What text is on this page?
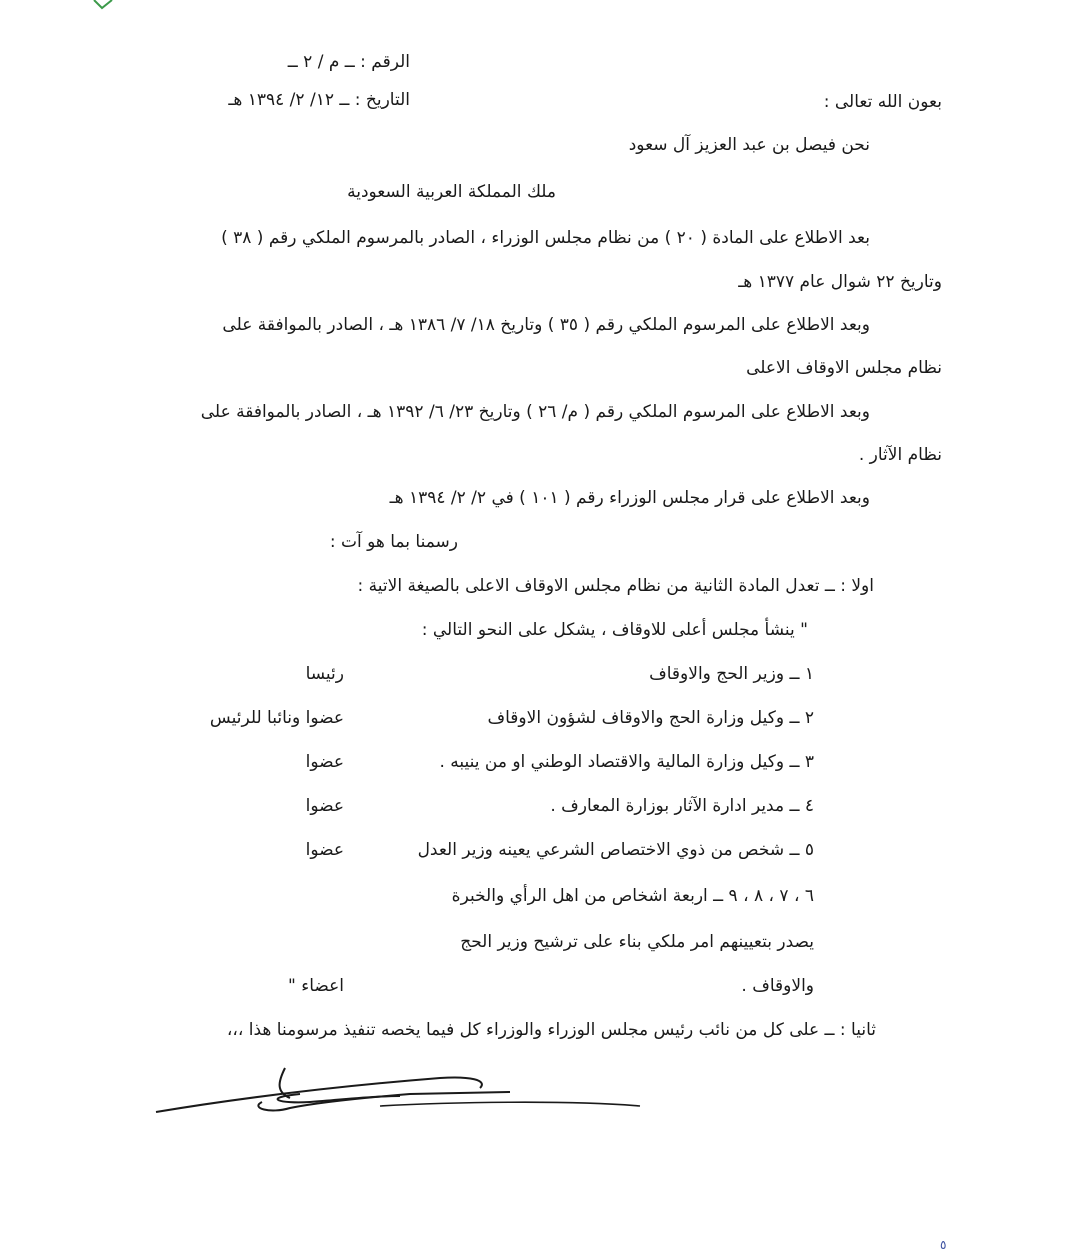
الرقم : ــ م / ٢ ــ
التاريخ : ــ ١٢/ ٢/ ١٣٩٤ هـ	بعون الله تعالى :
نحن فيصل بن عبد العزيز آل سعود
ملك المملكة العربية السعودية
بعد الاطلاع على المادة ( ٢٠ ) من نظام مجلس الوزراء ، الصادر بالمرسوم الملكي رقم ( ٣٨ )
وتاريخ ٢٢ شوال عام ١٣٧٧ هـ
وبعد الاطلاع على المرسوم الملكي رقم ( ٣٥ ) وتاريخ ١٨/ ٧/ ١٣٨٦ هـ ، الصادر بالموافقة على
نظام مجلس الاوقاف الاعلى
وبعد الاطلاع على المرسوم الملكي رقم ( م/ ٢٦ ) وتاريخ ٢٣/ ٦/ ١٣٩٢ هـ ، الصادر بالموافقة على
نظام الآثار .
وبعد الاطلاع على قرار مجلس الوزراء رقم ( ١٠١ ) في ٢/ ٢/ ١٣٩٤ هـ
رسمنا بما هو آت :
اولا : ــ تعدل المادة الثانية من نظام مجلس الاوقاف الاعلى بالصيغة الاتية :
" ينشأ مجلس أعلى للاوقاف ، يشكل على النحو التالي :
١ ــ وزير الحج والاوقاف
رئيسا
٢ ــ وكيل وزارة الحج والاوقاف لشؤون الاوقاف
عضوا ونائبا للرئيس
٣ ــ وكيل وزارة المالية والاقتصاد الوطني او من ينيبه .
عضوا
٤ ــ مدير ادارة الآثار بوزارة المعارف .
عضوا
٥ ــ شخص من ذوي الاختصاص الشرعي يعينه وزير العدل
عضوا
٦ ، ٧ ، ٨ ، ٩ ــ اربعة اشخاص من اهل الرأي والخبرة
يصدر بتعيينهم امر ملكي بناء على ترشيح وزير الحج
والاوقاف .
اعضاء "
ثانيا : ــ على كل من نائب رئيس مجلس الوزراء والوزراء كل فيما يخصه تنفيذ مرسومنا هذا ،،،
٥
